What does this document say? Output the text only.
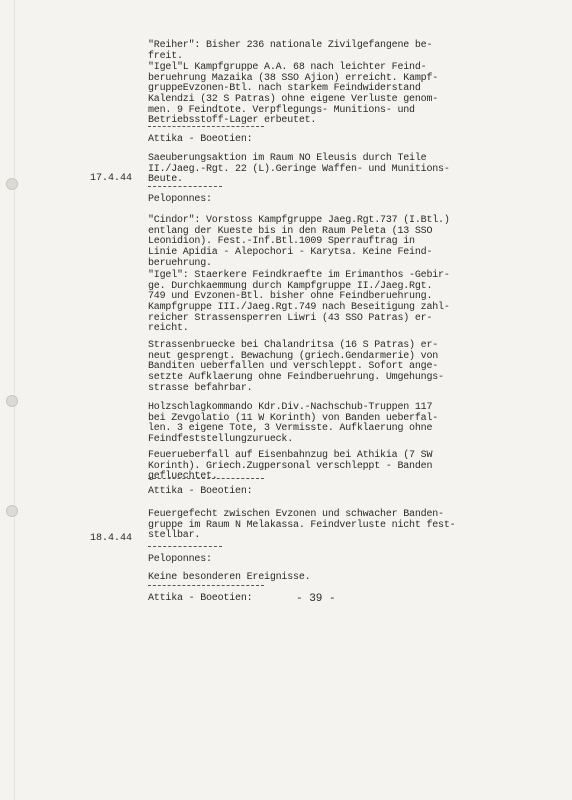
"Reiher": Bisher 236 nationale Zivilgefangene be-
freit.

"Igel"L Kampfgruppe A.A. 68 nach leichter Feind-
beruehrung Mazaika (38 SSO Ajion) erreicht. Kampf-
gruppeEvzonen-Btl. nach starkem Feindwiderstand
Kalendzi (32 S Patras) ohne eigene Verluste genom-
men. 9 Feindtote. Verpflegungs- Munitions- und
Betriebsstoff-Lager erbeutet.

Attika - Boeotien:

Saeuberungsaktion im Raum NO Eleusis durch Teile
II./Jaeg.-Rgt. 22 (L).Geringe Waffen- und Munitions-
Beute.

17.4.44

Peloponnes:

"Cindor": Vorstoss Kampfgruppe Jaeg.Rgt.737 (I.Btl.)
entlang der Kueste bis in den Raum Peleta (13 SSO
Leonidion). Fest.-Inf.Btl.1009 Sperrauftrag in
Linie Apidia - Alepochori - Karytsa. Keine Feind-
beruehrung.

"Igel": Staerkere Feindkraefte im Erimanthos -Gebir-
ge. Durchkaemmung durch Kampfgruppe II./Jaeg.Rgt.
749 und Evzonen-Btl. bisher ohne Feindberuehrung.
Kampfgruppe III./Jaeg.Rgt.749 nach Beseitigung zahl-
reicher Strassensperren Liwri (43 SSO Patras) er-
reicht.

Strassenbruecke bei Chalandritsa (16 S Patras) er-
neut gesprengt. Bewachung (griech.Gendarmerie) von
Banditen ueberfallen und verschleppt. Sofort ange-
setzte Aufklaerung ohne Feindberuehrung. Umgehungs-
strasse befahrbar.

Holzschlagkommando Kdr.Div.-Nachschub-Truppen 117
bei Zevgolatio (11 W Korinth) von Banden ueberfal-
len. 3 eigene Tote, 3 Vermisste. Aufklaerung ohne
Feindfeststellungzurueck.

Feuerueberfall auf Eisenbahnzug bei Athikia (7 SW
Korinth). Griech.Zugpersonal verschleppt - Banden
gefluechtet.

Attika - Boeotien:

Feuergefecht zwischen Evzonen und schwacher Banden-
gruppe im Raum N Melakassa. Feindverluste nicht fest-
stellbar.

18.4.44

Peloponnes:

Keine besonderen Ereignisse.

Attika - Boeotien:

	- 39 -
